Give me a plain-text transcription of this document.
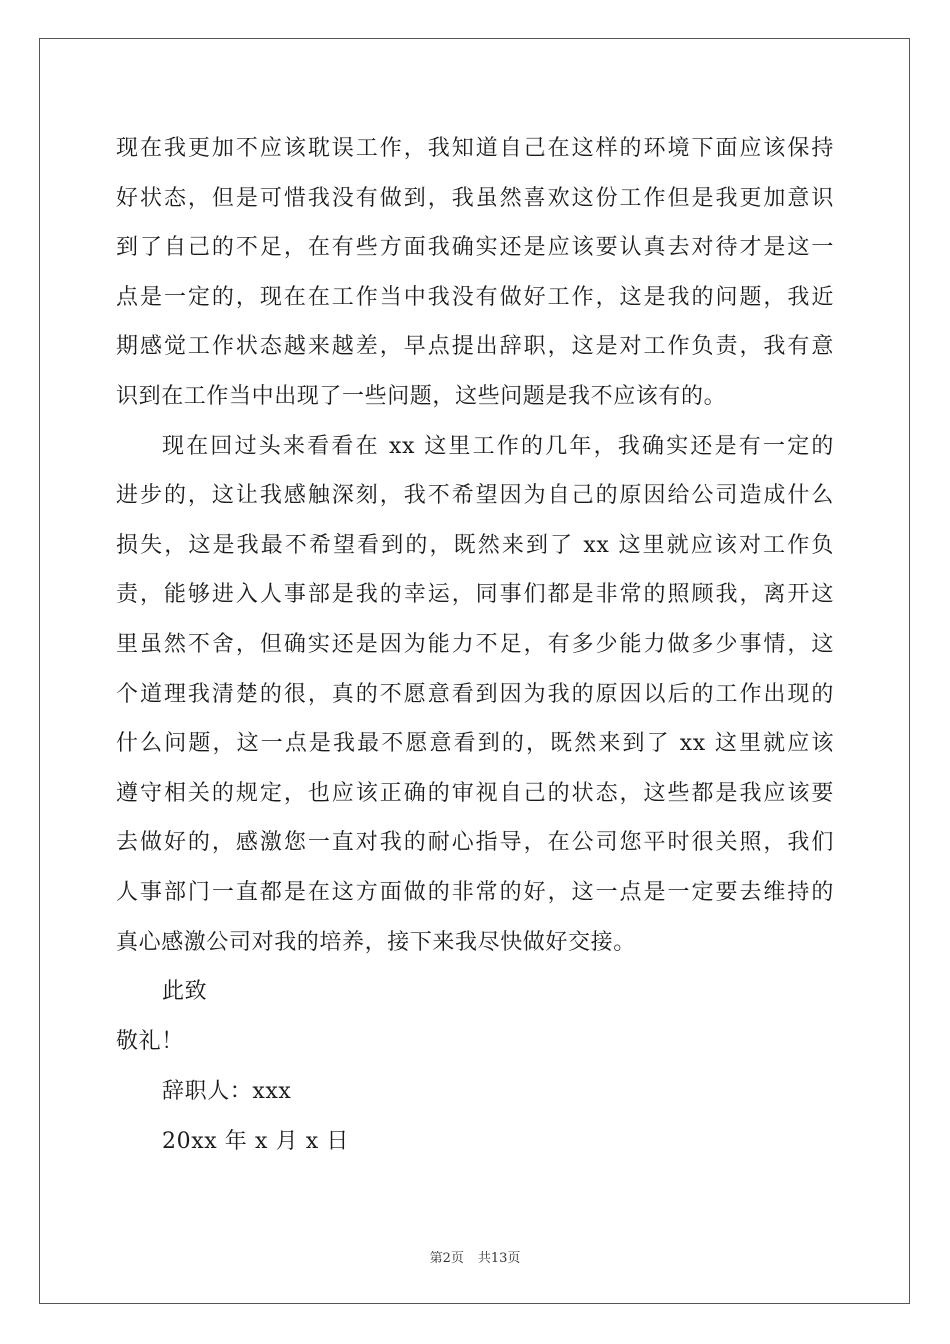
现在我更加不应该耽误工作，我知道自己在这样的环境下面应该保持
好状态，但是可惜我没有做到，我虽然喜欢这份工作但是我更加意识
到了自己的不足，在有些方面我确实还是应该要认真去对待才是这一
点是一定的，现在在工作当中我没有做好工作，这是我的问题，我近
期感觉工作状态越来越差，早点提出辞职，这是对工作负责，我有意
识到在工作当中出现了一些问题，这些问题是我不应该有的。
现在回过头来看看在 xx 这里工作的几年，我确实还是有一定的
进步的，这让我感触深刻，我不希望因为自己的原因给公司造成什么
损失，这是我最不希望看到的，既然来到了 xx 这里就应该对工作负
责，能够进入人事部是我的幸运，同事们都是非常的照顾我，离开这
里虽然不舍，但确实还是因为能力不足，有多少能力做多少事情，这
个道理我清楚的很，真的不愿意看到因为我的原因以后的工作出现的
什么问题，这一点是我最不愿意看到的，既然来到了 xx 这里就应该
遵守相关的规定，也应该正确的审视自己的状态，这些都是我应该要
去做好的，感激您一直对我的耐心指导，在公司您平时很关照，我们
人事部门一直都是在这方面做的非常的好，这一点是一定要去维持的
真心感激公司对我的培养，接下来我尽快做好交接。
此致
敬礼！
辞职人：xxx
20xx 年 x 月 x 日
第2页 共13页
